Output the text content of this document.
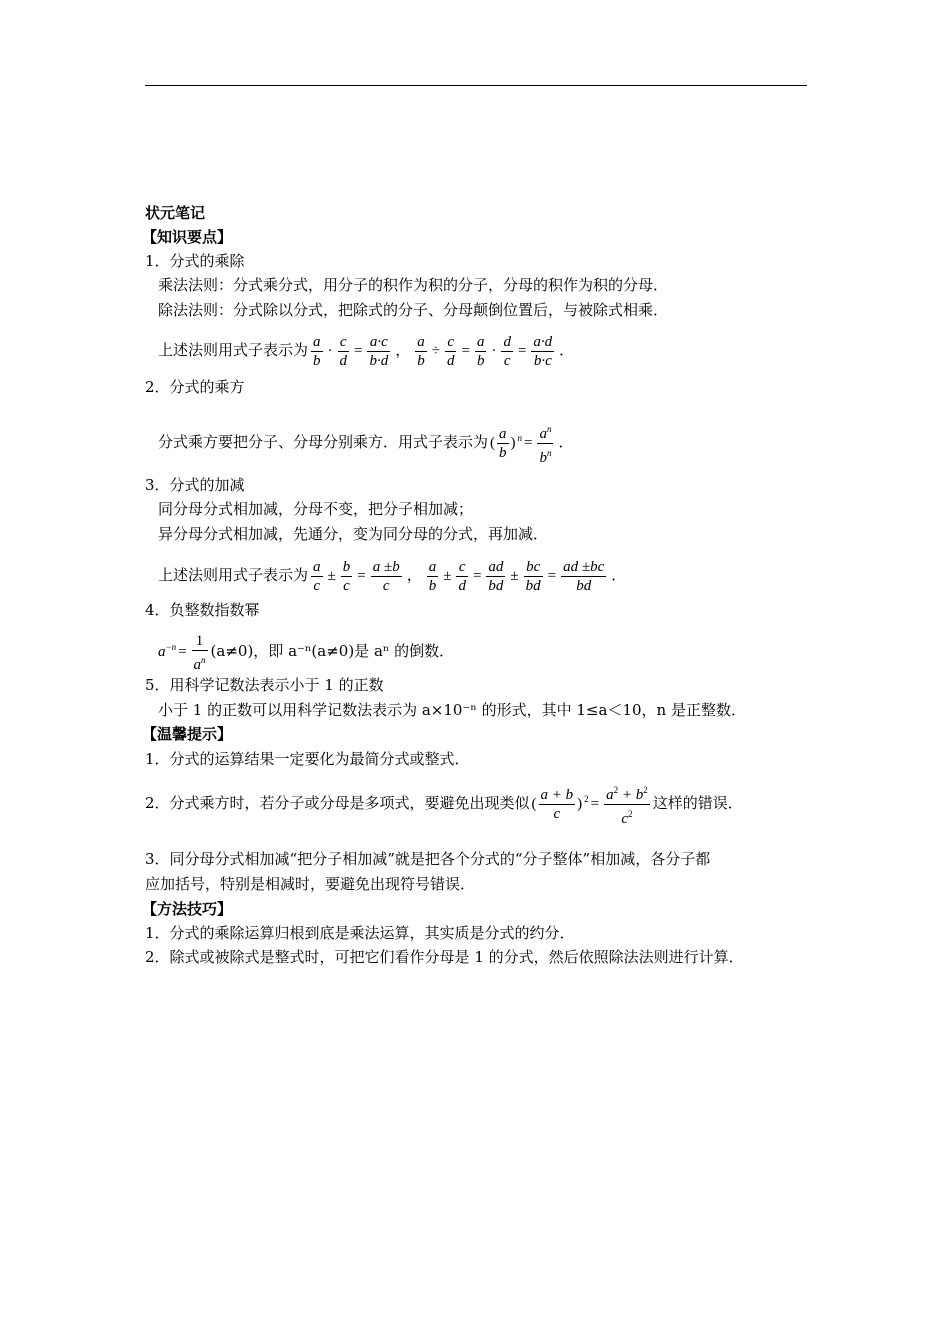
状元笔记
【知识要点】
1．分式的乘除
乘法法则：分式乘分式，用分子的积作为积的分子，分母的积作为积的分母．
除法法则：分式除以分式，把除式的分子、分母颠倒位置后，与被除式相乘．
上述法则用式子表示为 $\frac{a}{b} \cdot \frac{c}{d} = \frac{a\cdot c}{b\cdot d}$ ， $\frac{a}{b} \div \frac{c}{d} = \frac{a}{b} \cdot \frac{d}{c} = \frac{a\cdot d}{b\cdot c}$ ．
2．分式的乘方
分式乘方要把分子、分母分别乘方．用式子表示为 ( $\frac{a}{b}$ ) $^n = \frac{a^n}{b^n}$ ．
3．分式的加减
同分母分式相加减，分母不变，把分子相加减；
异分母分式相加减，先通分，变为同分母的分式，再加减．
上述法则用式子表示为 $\frac{a}{c} \pm \frac{b}{c} = \frac{a \pm b}{c}$ ， $\frac{a}{b} \pm \frac{c}{d} = \frac{ad}{bd} \pm \frac{bc}{bd} = \frac{ad \pm bc}{bd}$ ．
4．负整数指数幂
$a^{-n} = \frac{1}{a^n} (a\ne 0)$，即 a⁻ⁿ(a≠0)是 aⁿ 的倒数．
5．用科学记数法表示小于 1 的正数
小于 1 的正数可以用科学记数法表示为 a×10⁻ⁿ 的形式，其中 1≤a＜10，n 是正整数．
【温馨提示】
1．分式的运算结果一定要化为最简分式或整式．
2．分式乘方时，若分子或分母是多项式，要避免出现类似 ( $\frac{a + b}{c}$ ) $^2 = \frac{a^2 + b^2}{c^2}$ 这样的错误．
3．同分母分式相加减“把分子相加减”就是把各个分式的“分子整体”相加减，各分子都
应加括号，特别是相减时，要避免出现符号错误．
【方法技巧】
1．分式的乘除运算归根到底是乘法运算，其实质是分式的约分．
2．除式或被除式是整式时，可把它们看作分母是 1 的分式，然后依照除法法则进行计算．
